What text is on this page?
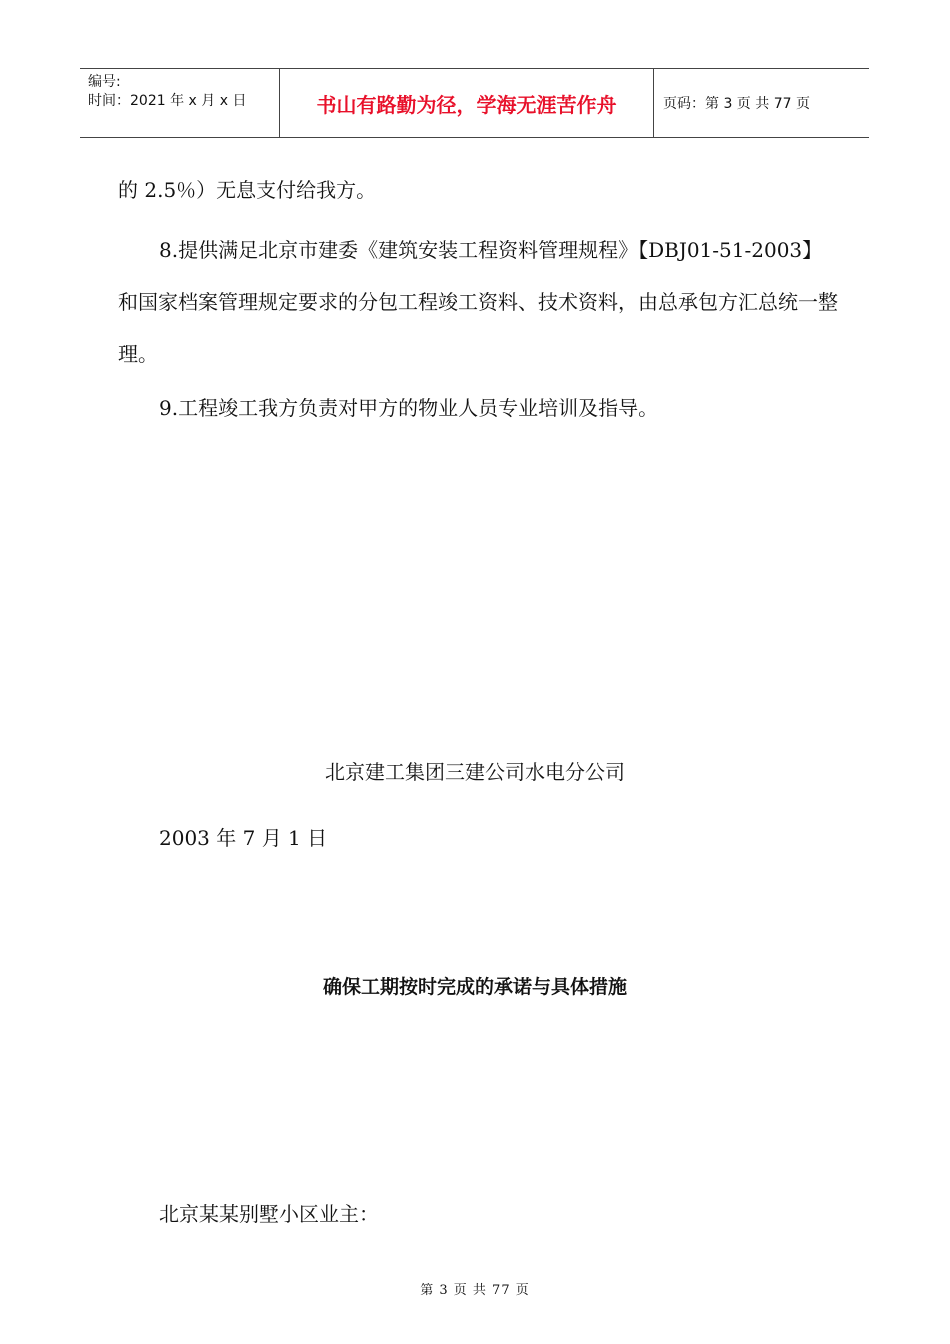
编号:
时间：2021 年 x 月 x 日	书山有路勤为径，学海无涯苦作舟	页码：第 3 页 共 77 页

的 2.5％）无息支付给我方。

8.提供满足北京市建委《建筑安装工程资料管理规程》【DBJ01-51-2003】和国家档案管理规定要求的分包工程竣工资料、技术资料，由总承包方汇总统一整理。

9.工程竣工我方负责对甲方的物业人员专业培训及指导。

北京建工集团三建公司水电分公司

2003 年 7 月 1 日

确保工期按时完成的承诺与具体措施

北京某某别墅小区业主：

第 3 页 共 77 页
